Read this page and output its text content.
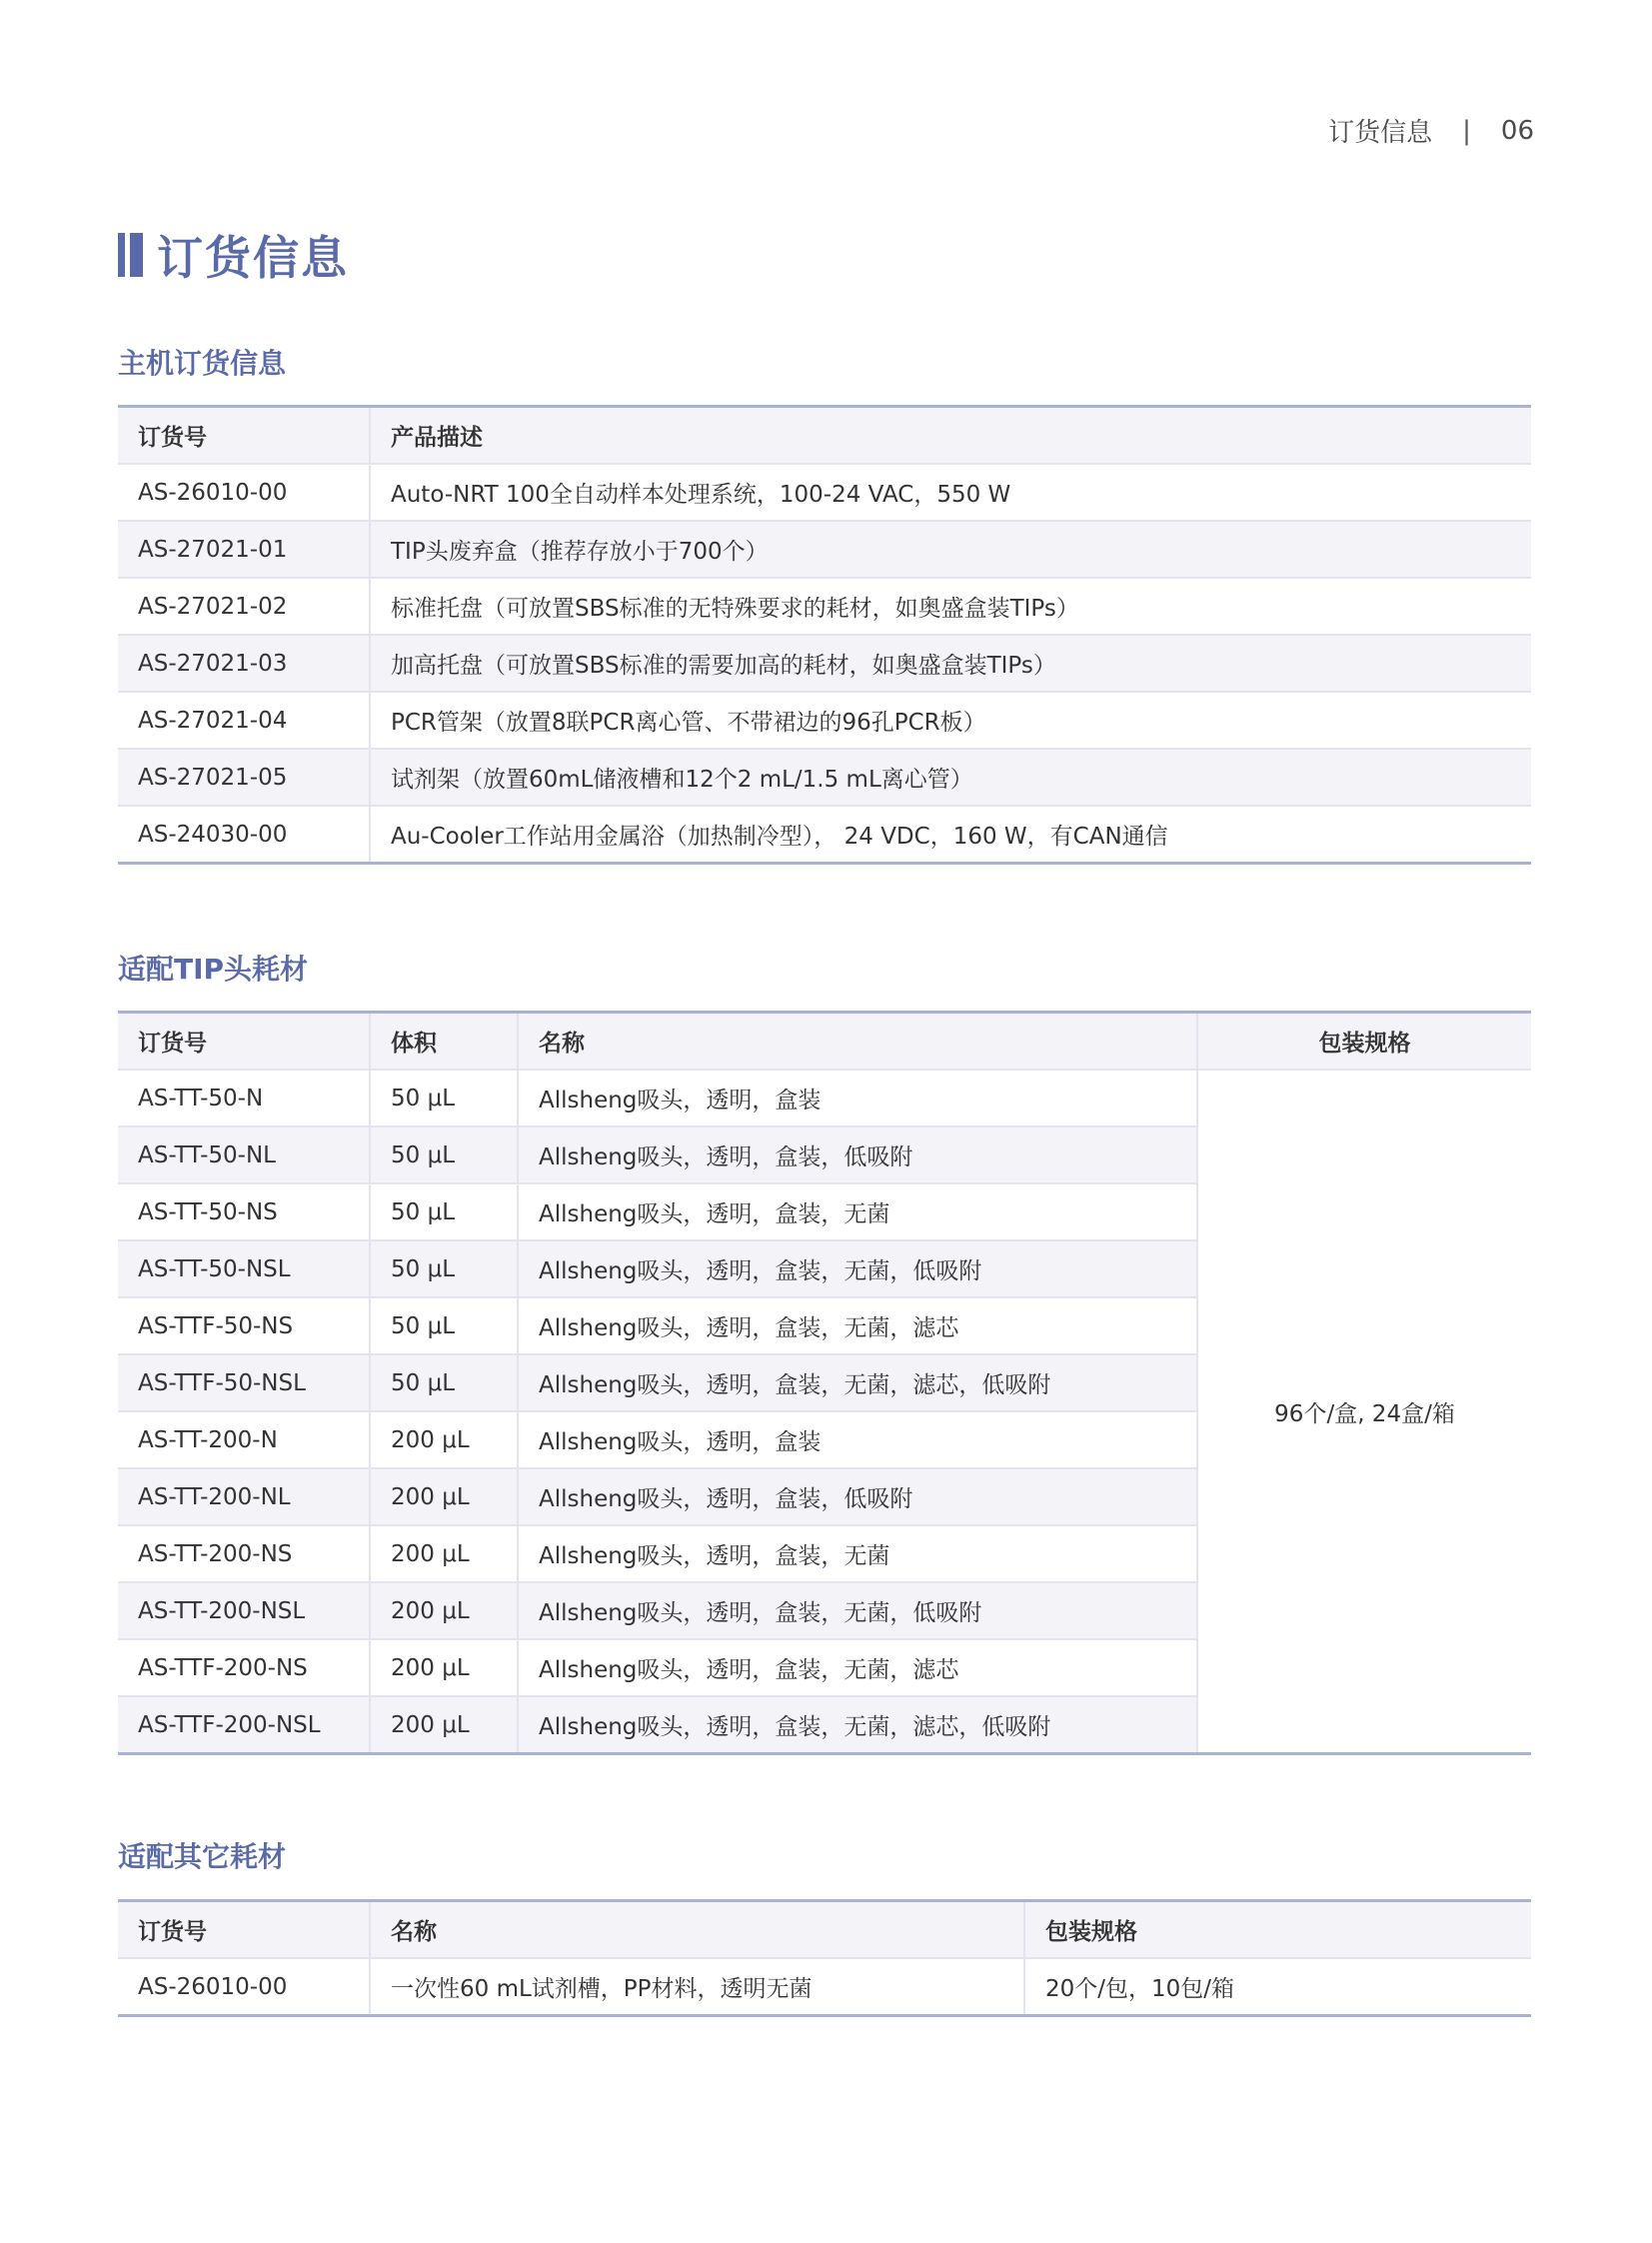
订货信息 | 06
订货信息
主机订货信息
订货号	产品描述
AS-26010-00	Auto-NRT 100全自动样本处理系统，100-24 VAC，550 W
AS-27021-01	TIP头废弃盒（推荐存放小于700个）
AS-27021-02	标准托盘（可放置SBS标准的无特殊要求的耗材，如奥盛盒装TIPs）
AS-27021-03	加高托盘（可放置SBS标准的需要加高的耗材，如奥盛盒装TIPs）
AS-27021-04	PCR管架（放置8联PCR离心管、不带裙边的96孔PCR板）
AS-27021-05	试剂架（放置60mL储液槽和12个2 mL/1.5 mL离心管）
AS-24030-00	Au-Cooler工作站用金属浴（加热制冷型）， 24 VDC，160 W，有CAN通信
适配TIP头耗材
订货号	体积	名称	包装规格
AS-TT-50-N	50 μL	Allsheng吸头，透明，盒装	96个/盒, 24盒/箱
AS-TT-50-NL	50 μL	Allsheng吸头，透明，盒装，低吸附	
AS-TT-50-NS	50 μL	Allsheng吸头，透明，盒装，无菌	
AS-TT-50-NSL	50 μL	Allsheng吸头，透明，盒装，无菌，低吸附	
AS-TTF-50-NS	50 μL	Allsheng吸头，透明，盒装，无菌，滤芯	
AS-TTF-50-NSL	50 μL	Allsheng吸头，透明，盒装，无菌，滤芯，低吸附	
AS-TT-200-N	200 μL	Allsheng吸头，透明，盒装	
AS-TT-200-NL	200 μL	Allsheng吸头，透明，盒装，低吸附	
AS-TT-200-NS	200 μL	Allsheng吸头，透明，盒装，无菌	
AS-TT-200-NSL	200 μL	Allsheng吸头，透明，盒装，无菌，低吸附	
AS-TTF-200-NS	200 μL	Allsheng吸头，透明，盒装，无菌，滤芯	
AS-TTF-200-NSL	200 μL	Allsheng吸头，透明，盒装，无菌，滤芯，低吸附	
适配其它耗材
订货号	名称	包装规格
AS-26010-00	一次性60 mL试剂槽，PP材料，透明无菌	20个/包，10包/箱
